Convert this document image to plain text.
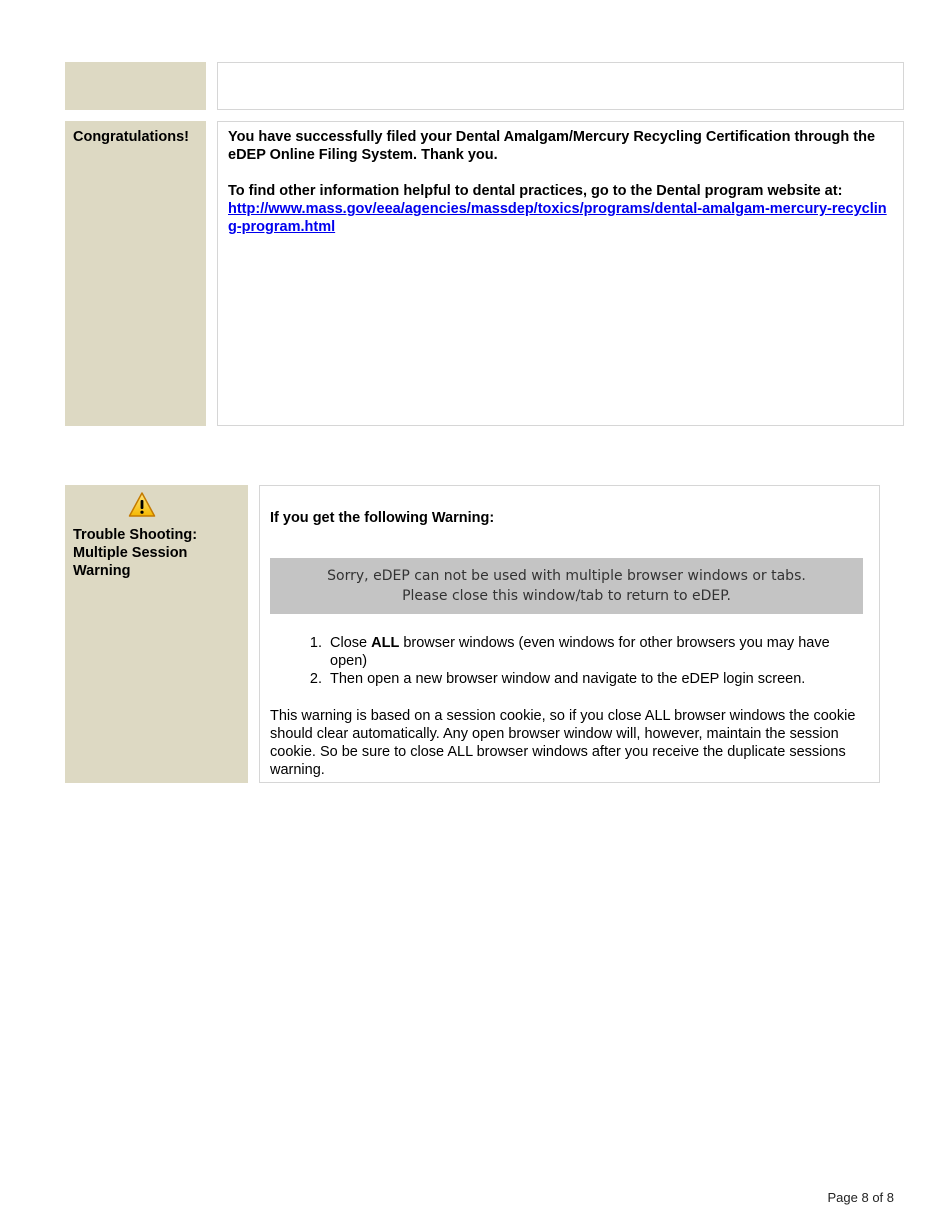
Congratulations!	You have successfully filed your Dental Amalgam/Mercury Recycling Certification through the eDEP Online Filing System. Thank you.

To find other information helpful to dental practices, go to the Dental program website at:

http://www.mass.gov/eea/agencies/massdep/toxics/programs/dental-amalgam-mercury-recycling-program.html
Trouble Shooting: Multiple Session Warning
If you get the following Warning:
Sorry, eDEP can not be used with multiple browser windows or tabs.
Please close this window/tab to return to eDEP.
1. Close ALL browser windows (even windows for other browsers you may have open)
2. Then open a new browser window and navigate to the eDEP login screen.

This warning is based on a session cookie, so if you close ALL browser windows the cookie should clear automatically. Any open browser window will, however, maintain the session cookie. So be sure to close ALL browser windows after you receive the duplicate sessions warning.

Page 8 of 8
